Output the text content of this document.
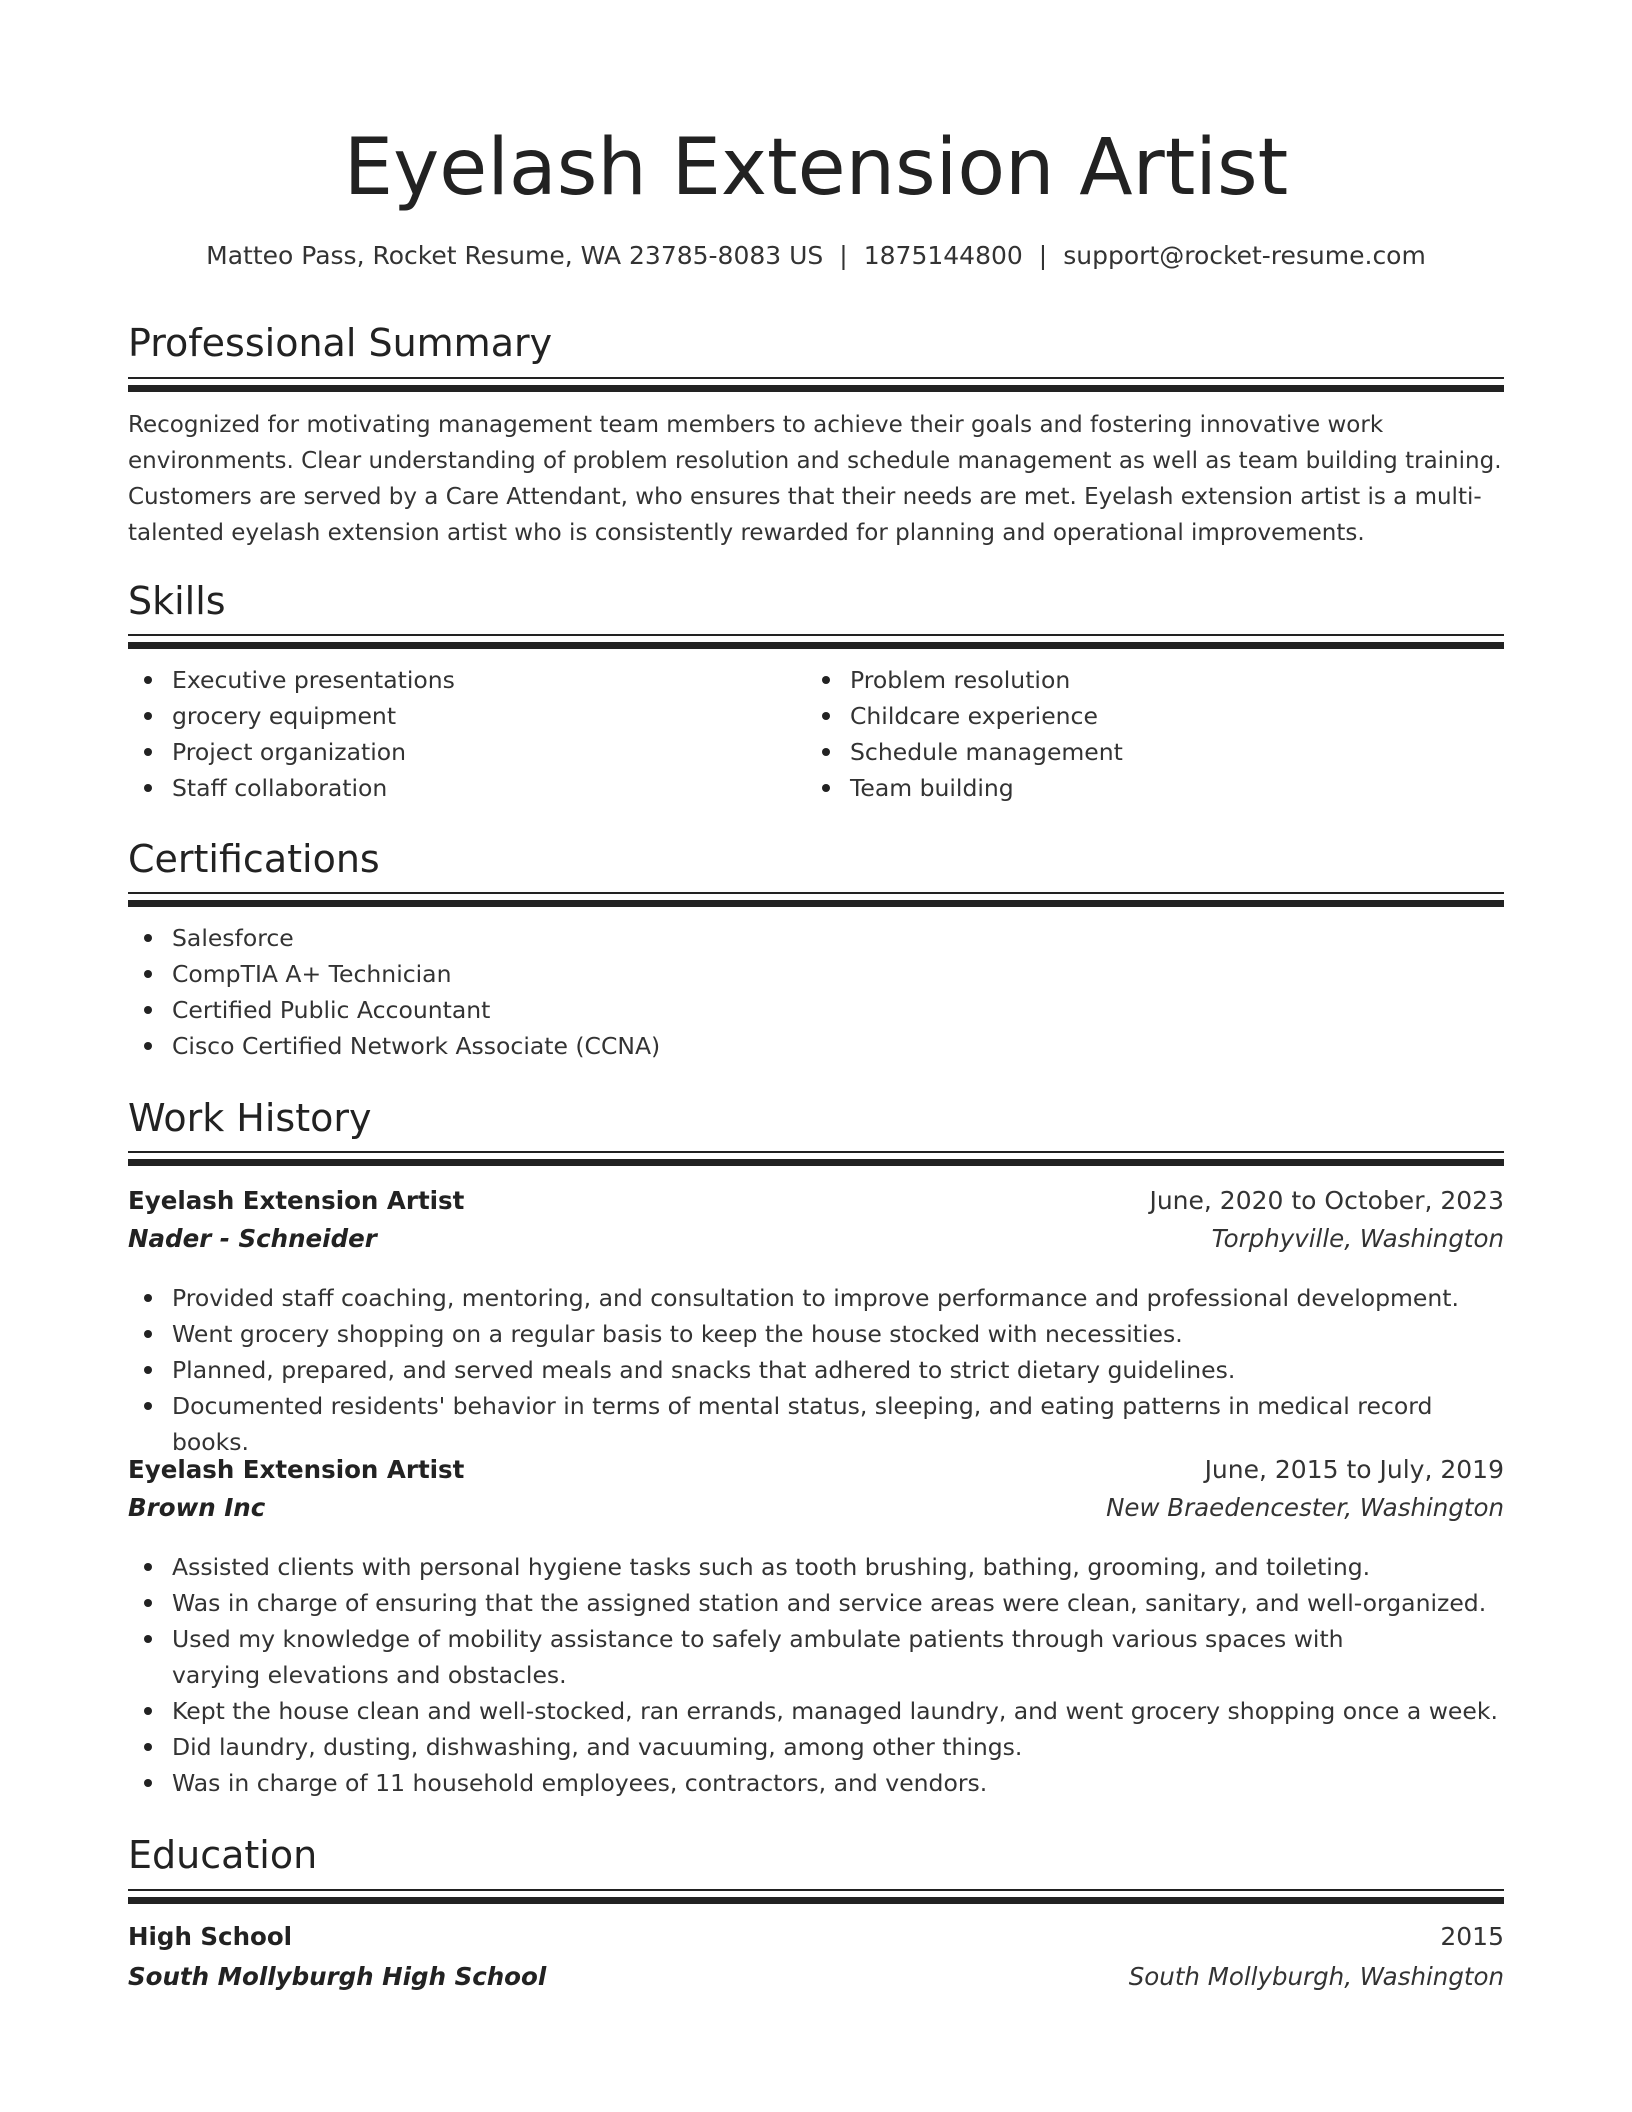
Eyelash Extension Artist
Matteo Pass, Rocket Resume, WA 23785-8083 US | 1875144800 | support@rocket-resume.com
Professional Summary
Recognized for motivating management team members to achieve their goals and fostering innovative work
environments. Clear understanding of problem resolution and schedule management as well as team building training.
Customers are served by a Care Attendant, who ensures that their needs are met. Eyelash extension artist is a multi-
talented eyelash extension artist who is consistently rewarded for planning and operational improvements.
Skills
Executive presentations
grocery equipment
Project organization
Staff collaboration
Problem resolution
Childcare experience
Schedule management
Team building
Certifications
Salesforce
CompTIA A+ Technician
Certified Public Accountant
Cisco Certified Network Associate (CCNA)
Work History
Eyelash Extension Artist	June, 2020 to October, 2023
Nader - Schneider	Torphyville, Washington
Provided staff coaching, mentoring, and consultation to improve performance and professional development.
Went grocery shopping on a regular basis to keep the house stocked with necessities.
Planned, prepared, and served meals and snacks that adhered to strict dietary guidelines.
Documented residents' behavior in terms of mental status, sleeping, and eating patterns in medical record books.
Eyelash Extension Artist	June, 2015 to July, 2019
Brown Inc	New Braedencester, Washington
Assisted clients with personal hygiene tasks such as tooth brushing, bathing, grooming, and toileting.
Was in charge of ensuring that the assigned station and service areas were clean, sanitary, and well-organized.
Used my knowledge of mobility assistance to safely ambulate patients through various spaces with varying elevations and obstacles.
Kept the house clean and well-stocked, ran errands, managed laundry, and went grocery shopping once a week.
Did laundry, dusting, dishwashing, and vacuuming, among other things.
Was in charge of 11 household employees, contractors, and vendors.
Education
High School	2015
South Mollyburgh High School	South Mollyburgh, Washington
